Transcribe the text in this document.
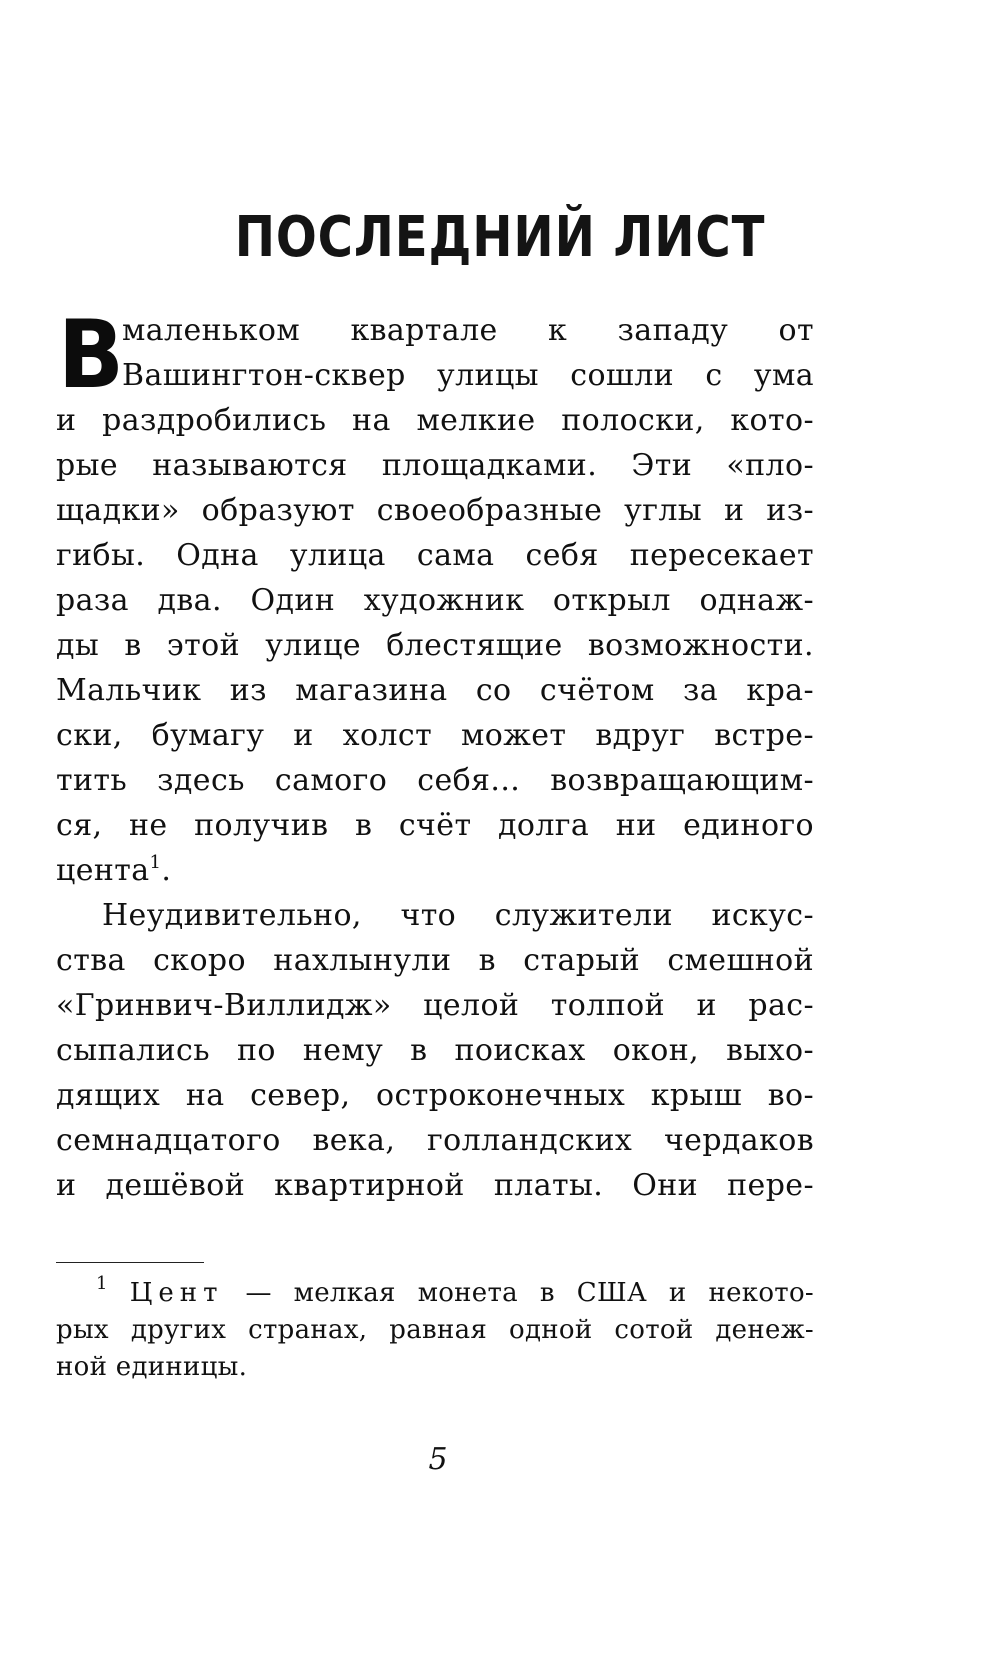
ПОСЛЕДНИЙ ЛИСТ
В
маленьком квартале к западу от
Вашингтон-сквер улицы сошли с ума
и раздробились на мелкие полоски, кото-
рые называются площадками. Эти «пло-
щадки» образуют своеобразные углы и из-
гибы. Одна улица сама себя пересекает
раза два. Один художник открыл однаж-
ды в этой улице блестящие возможности.
Мальчик из магазина со счётом за кра-
ски, бумагу и холст может вдруг встре-
тить здесь самого себя... возвращающим-
ся, не получив в счёт долга ни единого
цента$^1$.
Неудивительно, что служители искус-
ства скоро нахлынули в старый смешной
«Гринвич-Виллидж» целой толпой и рас-
сыпались по нему в поисках окон, выхо-
дящих на север, остроконечных крыш во-
семнадцатого века, голландских чердаков
и дешёвой квартирной платы. Они пере-
$^1$ Цент — мелкая монета в США и некото-
рых других странах, равная одной сотой денеж-
ной единицы.
5
